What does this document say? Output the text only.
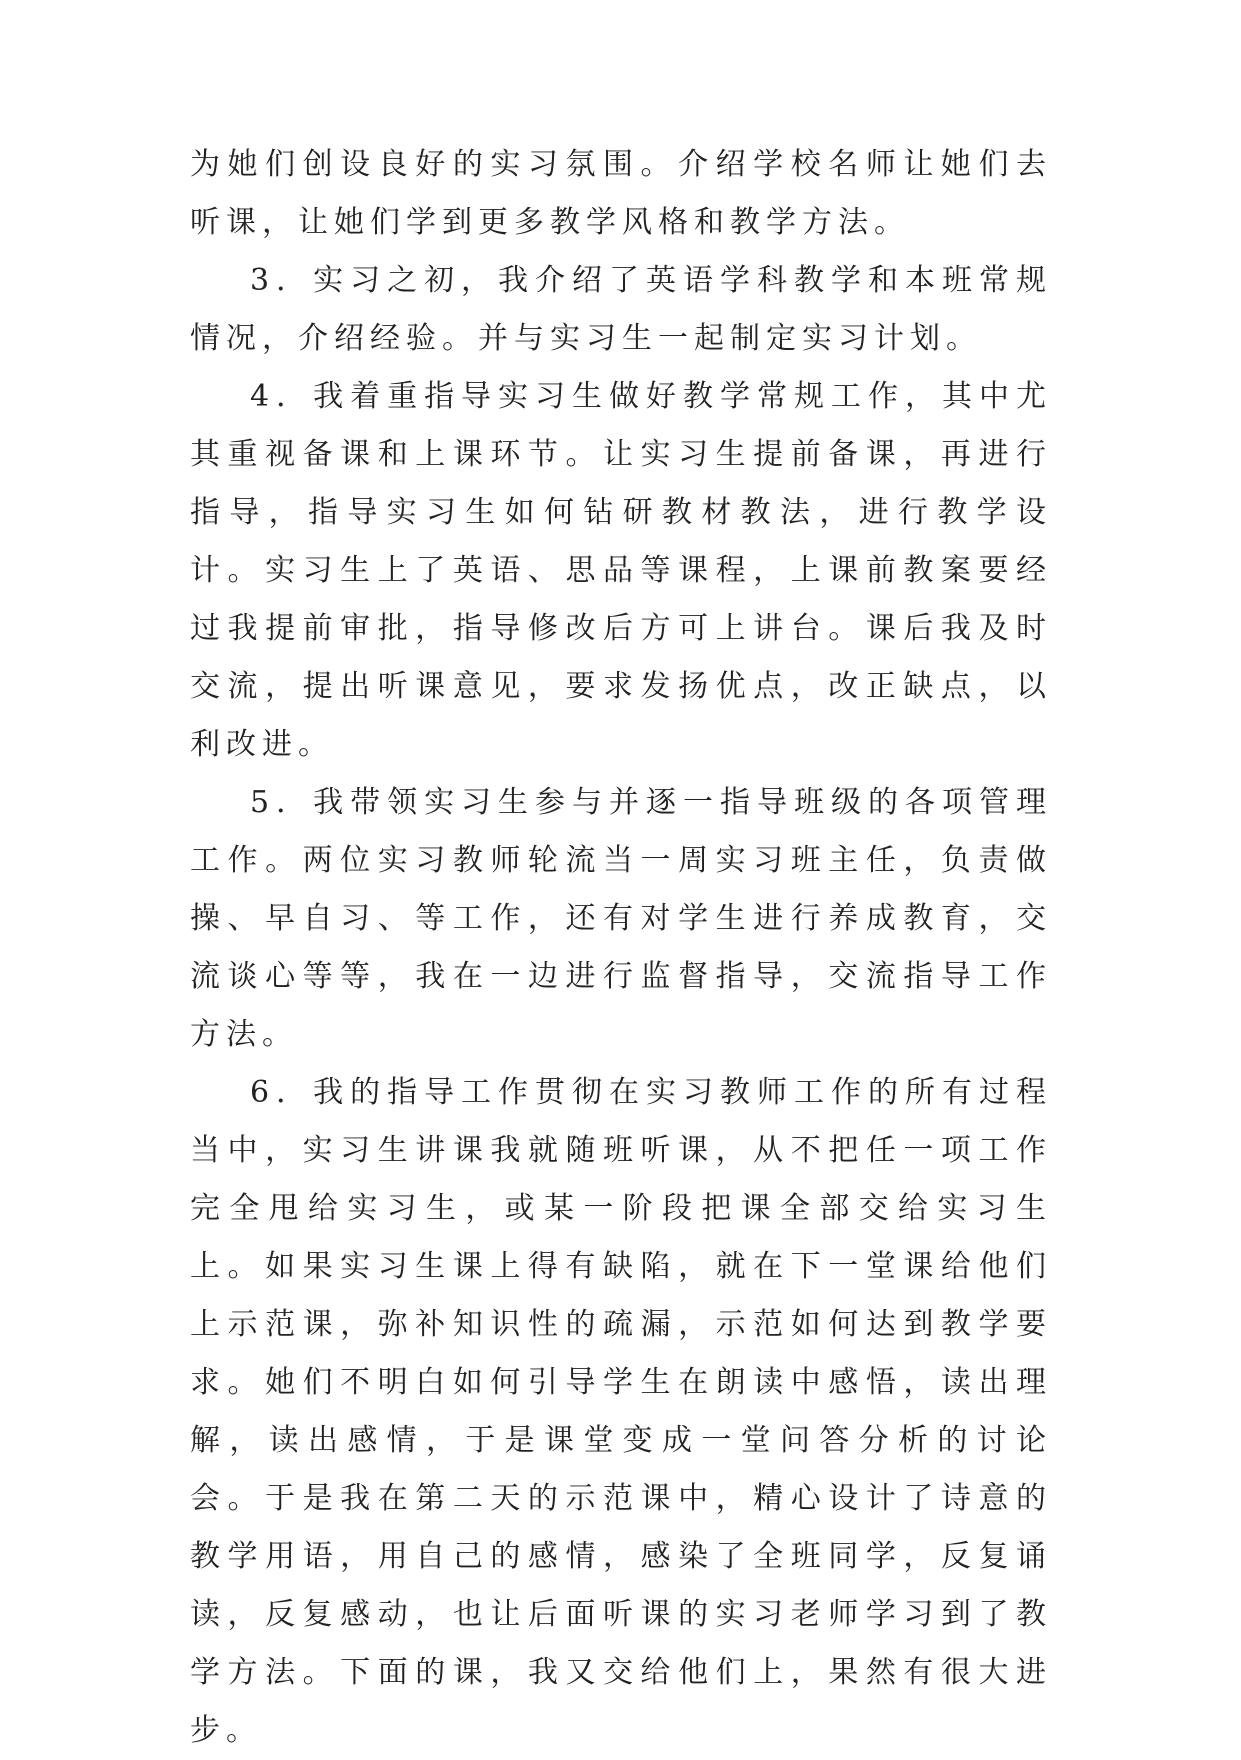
为她们创设良好的实习氛围。介绍学校名师让她们去听课，让她们学到更多教学风格和教学方法。

3．实习之初，我介绍了英语学科教学和本班常规情况，介绍经验。并与实习生一起制定实习计划。

4．我着重指导实习生做好教学常规工作，其中尤其重视备课和上课环节。让实习生提前备课，再进行指导，指导实习生如何钻研教材教法，进行教学设计。实习生上了英语、思品等课程，上课前教案要经过我提前审批，指导修改后方可上讲台。课后我及时交流，提出听课意见，要求发扬优点，改正缺点，以利改进。

5．我带领实习生参与并逐一指导班级的各项管理工作。两位实习教师轮流当一周实习班主任，负责做操、早自习、等工作，还有对学生进行养成教育，交流谈心等等，我在一边进行监督指导，交流指导工作方法。

6．我的指导工作贯彻在实习教师工作的所有过程当中，实习生讲课我就随班听课，从不把任一项工作完全甩给实习生，或某一阶段把课全部交给实习生上。如果实习生课上得有缺陷，就在下一堂课给他们上示范课，弥补知识性的疏漏，示范如何达到教学要求。她们不明白如何引导学生在朗读中感悟，读出理解，读出感情，于是课堂变成一堂问答分析的讨论会。于是我在第二天的示范课中，精心设计了诗意的教学用语，用自己的感情，感染了全班同学，反复诵读，反复感动，也让后面听课的实习老师学习到了教学方法。下面的课，我又交给他们上，果然有很大进步。
